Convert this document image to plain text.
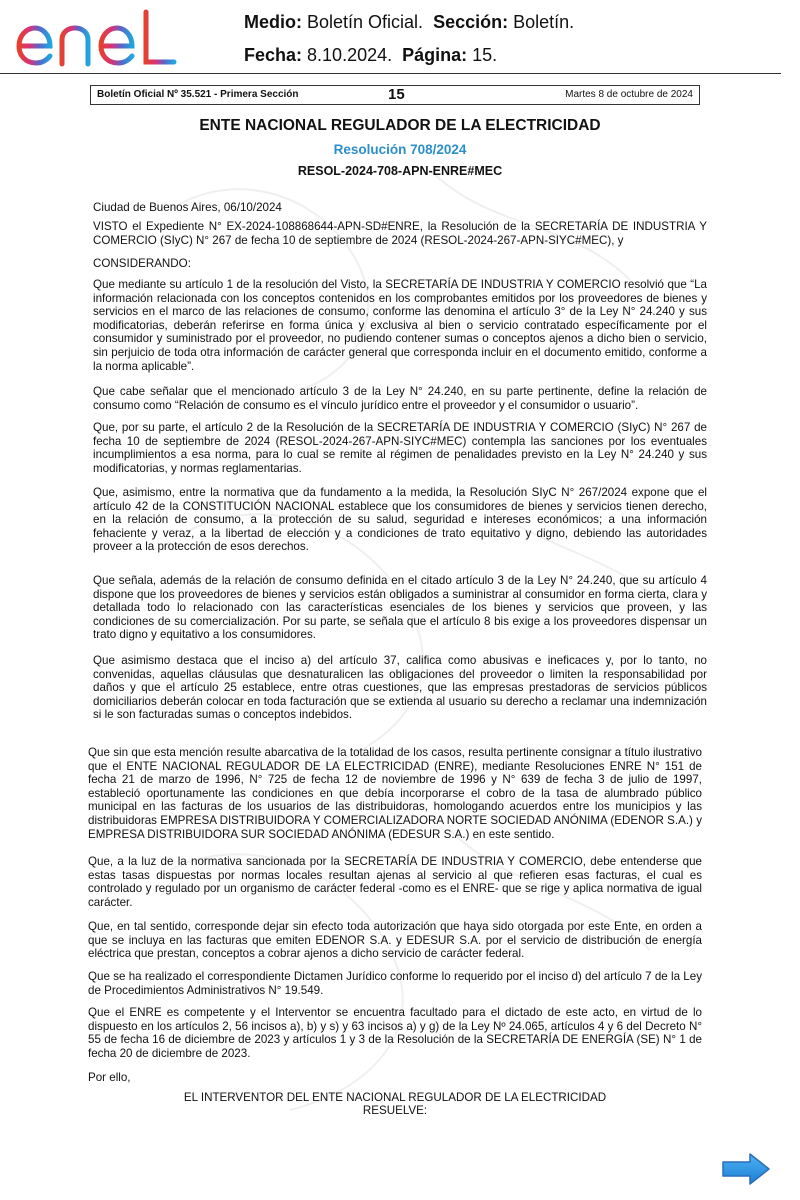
Medio: Boletín Oficial. Sección: Boletín.
Fecha: 8.10.2024. Página: 15.
Boletín Oficial Nº 35.521 - Primera Sección	15	Martes 8 de octubre de 2024
ENTE NACIONAL REGULADOR DE LA ELECTRICIDAD
Resolución 708/2024
RESOL-2024-708-APN-ENRE#MEC
Ciudad de Buenos Aires, 06/10/2024
VISTO el Expediente N° EX-2024-108868644-APN-SD#ENRE, la Resolución de la SECRETARÍA DE INDUSTRIA Y COMERCIO (SIyC) N° 267 de fecha 10 de septiembre de 2024 (RESOL-2024-267-APN-SIYC#MEC), y
CONSIDERANDO:
Que mediante su artículo 1 de la resolución del Visto, la SECRETARÍA DE INDUSTRIA Y COMERCIO resolvió que “La información relacionada con los conceptos contenidos en los comprobantes emitidos por los proveedores de bienes y servicios en el marco de las relaciones de consumo, conforme las denomina el artículo 3° de la Ley N° 24.240 y sus modificatorias, deberán referirse en forma única y exclusiva al bien o servicio contratado específicamente por el consumidor y suministrado por el proveedor, no pudiendo contener sumas o conceptos ajenos a dicho bien o servicio, sin perjuicio de toda otra información de carácter general que corresponda incluir en el documento emitido, conforme a la norma aplicable”.
Que cabe señalar que el mencionado artículo 3 de la Ley N° 24.240, en su parte pertinente, define la relación de consumo como “Relación de consumo es el vínculo jurídico entre el proveedor y el consumidor o usuario”.
Que, por su parte, el artículo 2 de la Resolución de la SECRETARÍA DE INDUSTRIA Y COMERCIO (SIyC) N° 267 de fecha 10 de septiembre de 2024 (RESOL-2024-267-APN-SIYC#MEC) contempla las sanciones por los eventuales incumplimientos a esa norma, para lo cual se remite al régimen de penalidades previsto en la Ley N° 24.240 y sus modificatorias, y normas reglamentarias.
Que, asimismo, entre la normativa que da fundamento a la medida, la Resolución SIyC N° 267/2024 expone que el artículo 42 de la CONSTITUCIÓN NACIONAL establece que los consumidores de bienes y servicios tienen derecho, en la relación de consumo, a la protección de su salud, seguridad e intereses económicos; a una información fehaciente y veraz, a la libertad de elección y a condiciones de trato equitativo y digno, debiendo las autoridades proveer a la protección de esos derechos.
Que señala, además de la relación de consumo definida en el citado artículo 3 de la Ley N° 24.240, que su artículo 4 dispone que los proveedores de bienes y servicios están obligados a suministrar al consumidor en forma cierta, clara y detallada todo lo relacionado con las características esenciales de los bienes y servicios que proveen, y las condiciones de su comercialización. Por su parte, se señala que el artículo 8 bis exige a los proveedores dispensar un trato digno y equitativo a los consumidores.
Que asimismo destaca que el inciso a) del artículo 37, califica como abusivas e ineficaces y, por lo tanto, no convenidas, aquellas cláusulas que desnaturalicen las obligaciones del proveedor o limiten la responsabilidad por daños y que el artículo 25 establece, entre otras cuestiones, que las empresas prestadoras de servicios públicos domiciliarios deberán colocar en toda facturación que se extienda al usuario su derecho a reclamar una indemnización si le son facturadas sumas o conceptos indebidos.
Que sin que esta mención resulte abarcativa de la totalidad de los casos, resulta pertinente consignar a título ilustrativo que el ENTE NACIONAL REGULADOR DE LA ELECTRICIDAD (ENRE), mediante Resoluciones ENRE N° 151 de fecha 21 de marzo de 1996, N° 725 de fecha 12 de noviembre de 1996 y N° 639 de fecha 3 de julio de 1997, estableció oportunamente las condiciones en que debía incorporarse el cobro de la tasa de alumbrado público municipal en las facturas de los usuarios de las distribuidoras, homologando acuerdos entre los municipios y las distribuidoras EMPRESA DISTRIBUIDORA Y COMERCIALIZADORA NORTE SOCIEDAD ANÓNIMA (EDENOR S.A.) y EMPRESA DISTRIBUIDORA SUR SOCIEDAD ANÓNIMA (EDESUR S.A.) en este sentido.
Que, a la luz de la normativa sancionada por la SECRETARÍA DE INDUSTRIA Y COMERCIO, debe entenderse que estas tasas dispuestas por normas locales resultan ajenas al servicio al que refieren esas facturas, el cual es controlado y regulado por un organismo de carácter federal -como es el ENRE- que se rige y aplica normativa de igual carácter.
Que, en tal sentido, corresponde dejar sin efecto toda autorización que haya sido otorgada por este Ente, en orden a que se incluya en las facturas que emiten EDENOR S.A. y EDESUR S.A. por el servicio de distribución de energía eléctrica que prestan, conceptos a cobrar ajenos a dicho servicio de carácter federal.
Que se ha realizado el correspondiente Dictamen Jurídico conforme lo requerido por el inciso d) del artículo 7 de la Ley de Procedimientos Administrativos N° 19.549.
Que el ENRE es competente y el Interventor se encuentra facultado para el dictado de este acto, en virtud de lo dispuesto en los artículos 2, 56 incisos a), b) y s) y 63 incisos a) y g) de la Ley Nº 24.065, artículos 4 y 6 del Decreto N° 55 de fecha 16 de diciembre de 2023 y artículos 1 y 3 de la Resolución de la SECRETARÍA DE ENERGÍA (SE) N° 1 de fecha 20 de diciembre de 2023.
Por ello,
EL INTERVENTOR DEL ENTE NACIONAL REGULADOR DE LA ELECTRICIDAD
RESUELVE:
